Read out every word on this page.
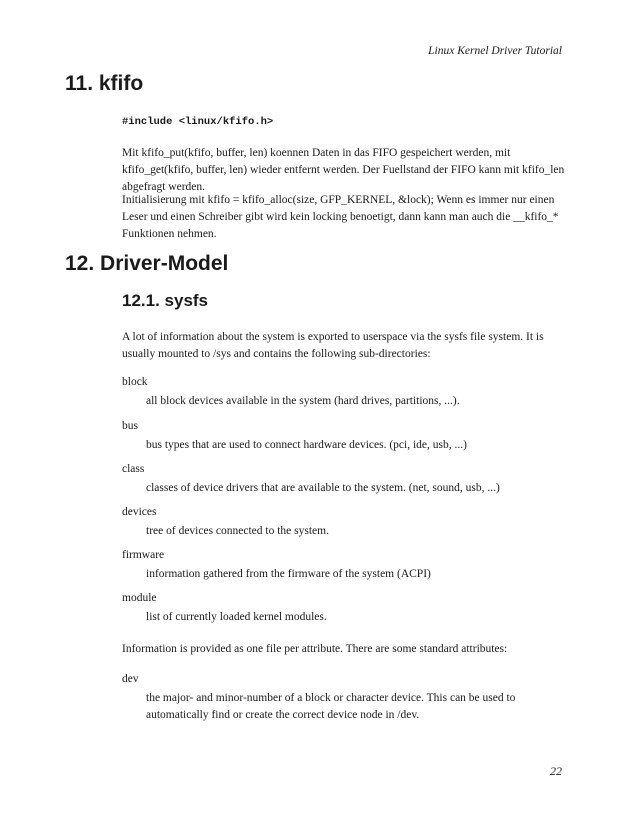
Linux Kernel Driver Tutorial
11. kfifo
#include <linux/kfifo.h>

Mit kfifo_put(kfifo, buffer, len) koennen Daten in das FIFO gespeichert werden, mit kfifo_get(kfifo, buffer, len) wieder entfernt werden. Der Fuellstand der FIFO kann mit kfifo_len abgefragt werden.

Initialisierung mit kfifo = kfifo_alloc(size, GFP_KERNEL, &lock); Wenn es immer nur einen Leser und einen Schreiber gibt wird kein locking benoetigt, dann kann man auch die __kfifo_* Funktionen nehmen.

12. Driver-Model
12.1. sysfs

A lot of information about the system is exported to userspace via the sysfs file system. It is usually mounted to /sys and contains the following sub-directories:

block

all block devices available in the system (hard drives, partitions, ...).

bus

bus types that are used to connect hardware devices. (pci, ide, usb, ...)

class

classes of device drivers that are available to the system. (net, sound, usb, ...)

devices

tree of devices connected to the system.

firmware

information gathered from the firmware of the system (ACPI)

module

list of currently loaded kernel modules.

Information is provided as one file per attribute. There are some standard attributes:

dev

the major- and minor-number of a block or character device. This can be used to automatically find or create the correct device node in /dev.

22
